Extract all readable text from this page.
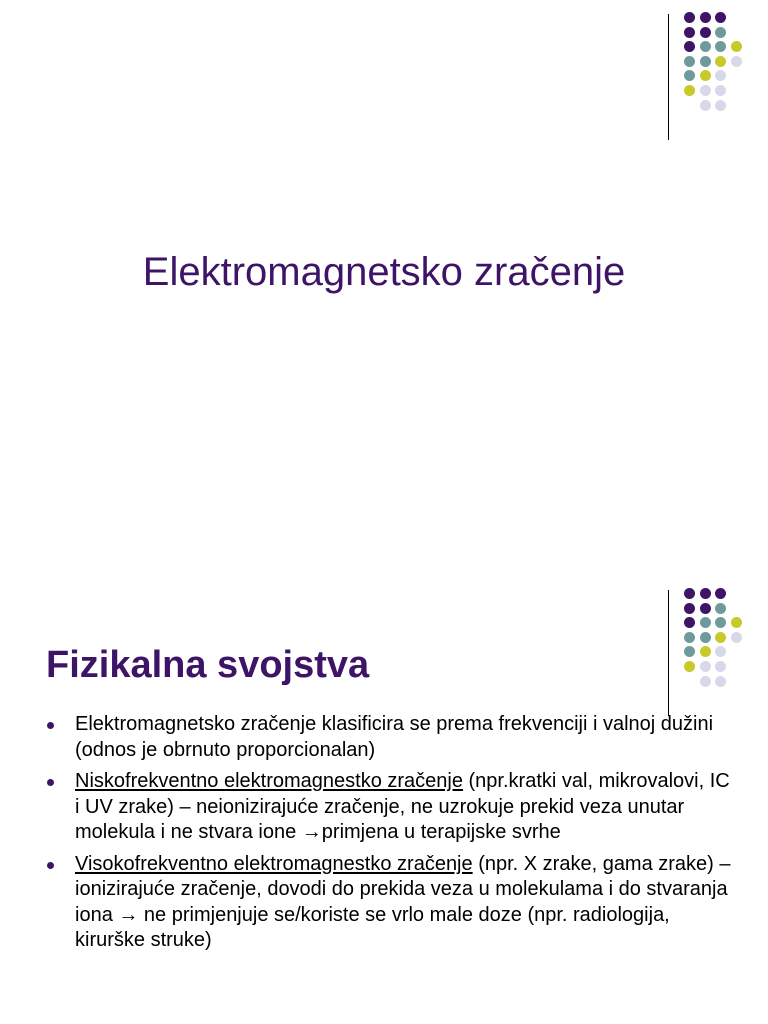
Elektromagnetsko zračenje
Fizikalna svojstva
Elektromagnetsko zračenje klasificira se prema frekvenciji i valnoj dužini (odnos je obrnuto proporcionalan)
Niskofrekventno elektromagnestko zračenje (npr.kratki val, mikrovalovi, IC i UV zrake) – neionizirajuće zračenje, ne uzrokuje prekid veza unutar molekula i ne stvara ione →primjena u terapijske svrhe
Visokofrekventno elektromagnestko zračenje (npr. X zrake, gama zrake) – ionizirajuće zračenje, dovodi do prekida veza u molekulama i do stvaranja iona → ne primjenjuje se/koriste se vrlo male doze (npr. radiologija, kirurške struke)
